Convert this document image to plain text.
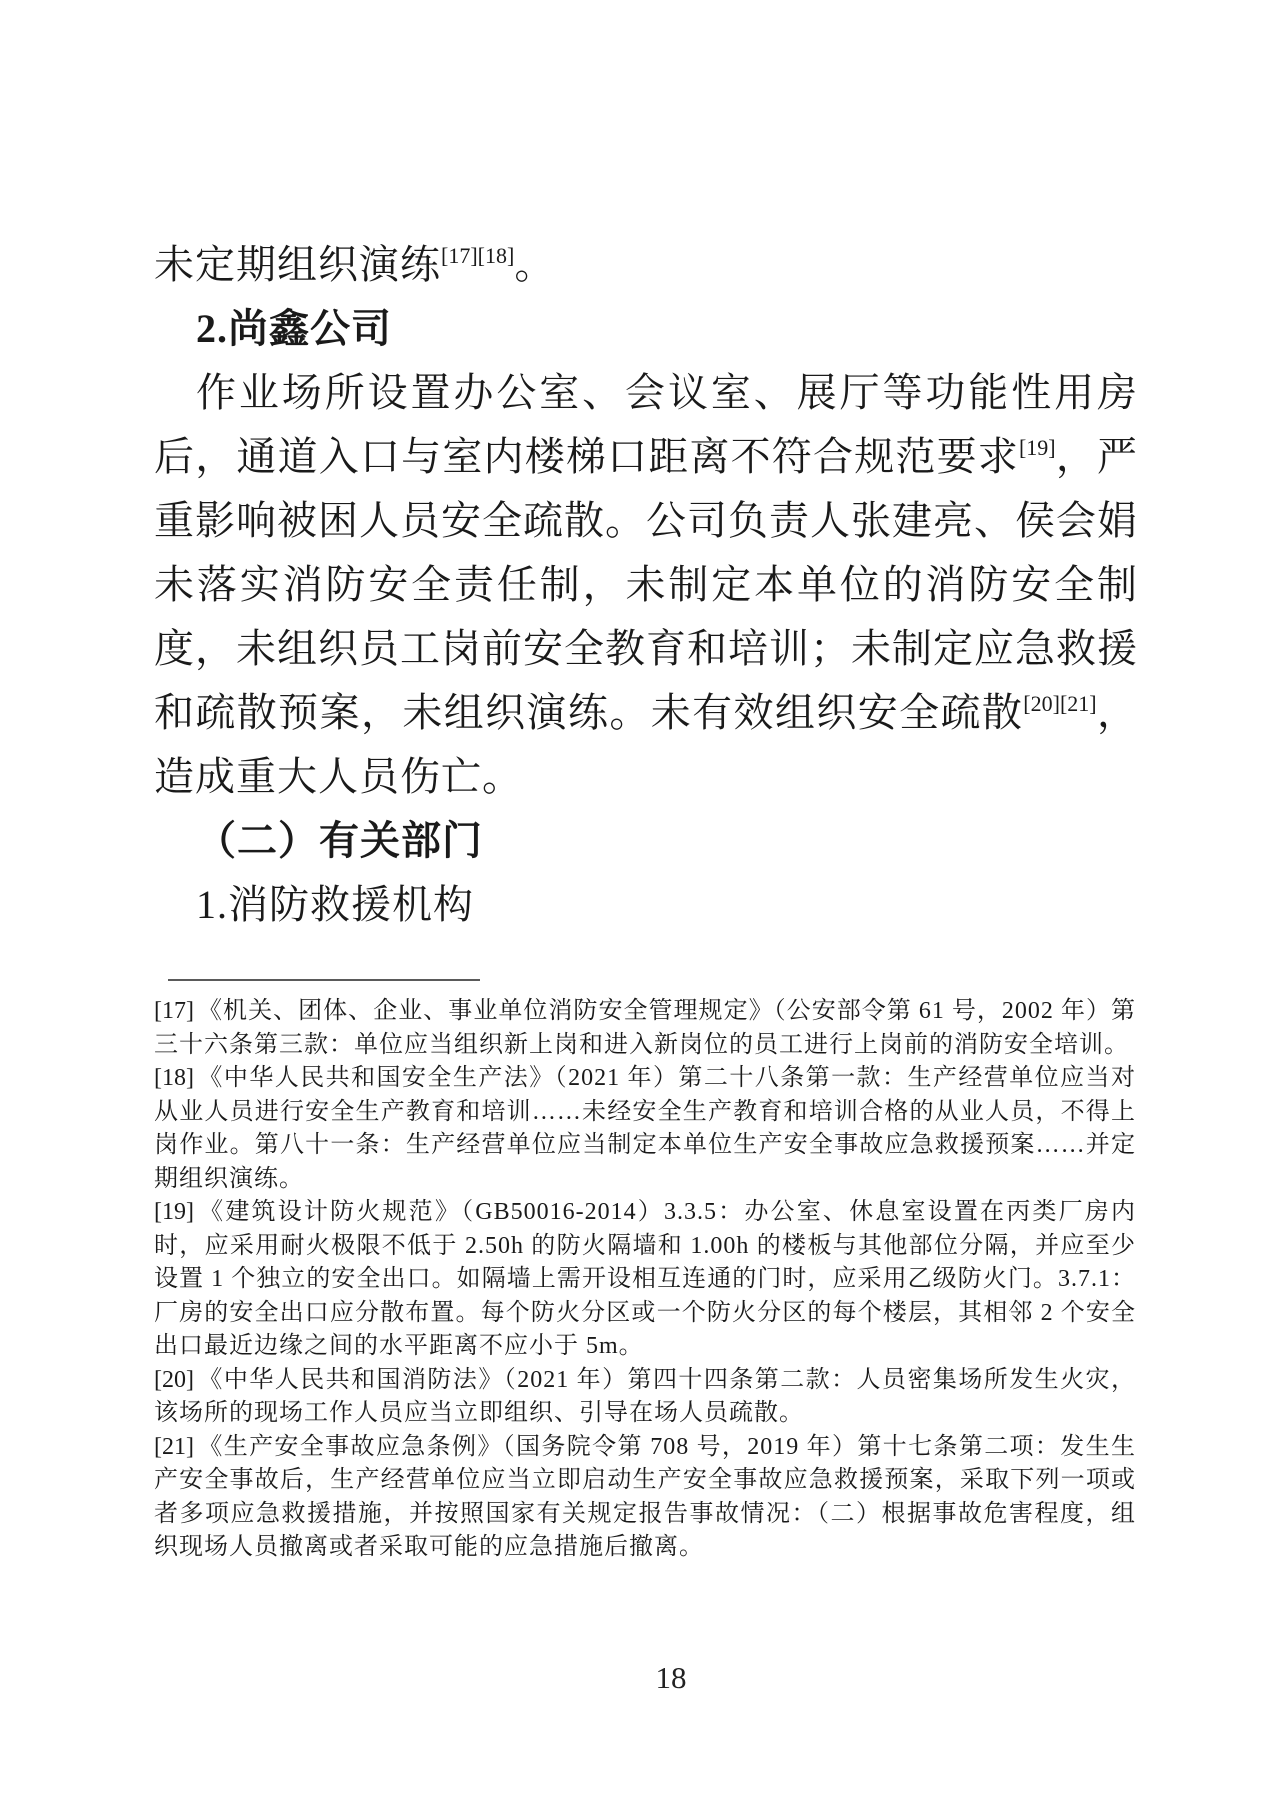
未定期组织演练[17][18]。

2.尚鑫公司

作业场所设置办公室、会议室、展厅等功能性用房后，通道入口与室内楼梯口距离不符合规范要求[19]，严重影响被困人员安全疏散。公司负责人张建亮、侯会娟未落实消防安全责任制，未制定本单位的消防安全制度，未组织员工岗前安全教育和培训；未制定应急救援和疏散预案，未组织演练。未有效组织安全疏散[20][21]，造成重大人员伤亡。

（二）有关部门

1.消防救援机构

[17] 《机关、团体、企业、事业单位消防安全管理规定》（公安部令第 61 号，2002 年）第三十六条第三款：单位应当组织新上岗和进入新岗位的员工进行上岗前的消防安全培训。

[18] 《中华人民共和国安全生产法》（2021 年）第二十八条第一款：生产经营单位应当对从业人员进行安全生产教育和培训……未经安全生产教育和培训合格的从业人员，不得上岗作业。第八十一条：生产经营单位应当制定本单位生产安全事故应急救援预案……并定期组织演练。

[19] 《建筑设计防火规范》（GB50016-2014）3.3.5：办公室、休息室设置在丙类厂房内时，应采用耐火极限不低于 2.50h 的防火隔墙和 1.00h 的楼板与其他部位分隔，并应至少设置 1 个独立的安全出口。如隔墙上需开设相互连通的门时，应采用乙级防火门。3.7.1：厂房的安全出口应分散布置。每个防火分区或一个防火分区的每个楼层，其相邻 2 个安全出口最近边缘之间的水平距离不应小于 5m。

[20] 《中华人民共和国消防法》（2021 年）第四十四条第二款：人员密集场所发生火灾，该场所的现场工作人员应当立即组织、引导在场人员疏散。

[21] 《生产安全事故应急条例》（国务院令第 708 号，2019 年）第十七条第二项：发生生产安全事故后，生产经营单位应当立即启动生产安全事故应急救援预案，采取下列一项或者多项应急救援措施，并按照国家有关规定报告事故情况：（二）根据事故危害程度，组织现场人员撤离或者采取可能的应急措施后撤离。

18
